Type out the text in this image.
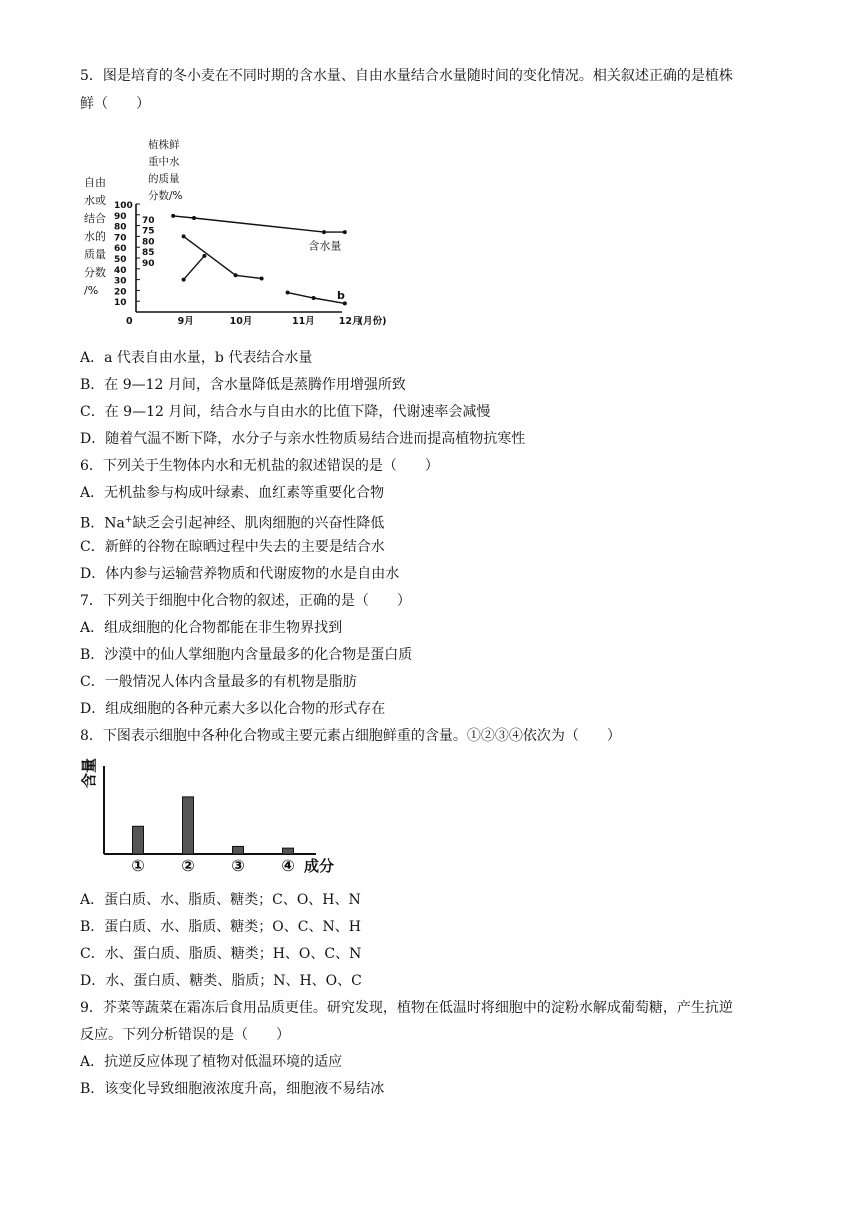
5．图是培育的冬小麦在不同时期的含水量、自由水量结合水量随时间的变化情况。相关叙述正确的是植株
鲜（　　）
自由
水或
结合
水的
质量
分数
/%
植株鲜
重中水
的质量
分数/%
10
20
30
40
50
60
70
80
90
100
70
75
80
85
90
0	9月	10月	11月	12月
(月份)
含水量
b
A．a 代表自由水量，b 代表结合水量
B．在 9—12 月间，含水量降低是蒸腾作用增强所致
C．在 9—12 月间，结合水与自由水的比值下降，代谢速率会减慢
D．随着气温不断下降，水分子与亲水性物质易结合进而提高植物抗寒性
6．下列关于生物体内水和无机盐的叙述错误的是（　　）
A．无机盐参与构成叶绿素、血红素等重要化合物
B．Na+缺乏会引起神经、肌肉细胞的兴奋性降低
C．新鲜的谷物在晾晒过程中失去的主要是结合水
D．体内参与运输营养物质和代谢废物的水是自由水
7．下列关于细胞中化合物的叙述，正确的是（　　）
A．组成细胞的化合物都能在非生物界找到
B．沙漠中的仙人掌细胞内含量最多的化合物是蛋白质
C．一般情况人体内含量最多的有机物是脂肪
D．组成细胞的各种元素大多以化合物的形式存在
8．下图表示细胞中各种化合物或主要元素占细胞鲜重的含量。①②③④依次为（　　）
含量
① ② ③ ④ 成分
A．蛋白质、水、脂质、糖类；C、O、H、N
B．蛋白质、水、脂质、糖类；O、C、N、H
C．水、蛋白质、脂质、糖类；H、O、C、N
D．水、蛋白质、糖类、脂质；N、H、O、C
9．芥菜等蔬菜在霜冻后食用品质更佳。研究发现，植物在低温时将细胞中的淀粉水解成葡萄糖，产生抗逆
反应。下列分析错误的是（　　）
A．抗逆反应体现了植物对低温环境的适应
B．该变化导致细胞液浓度升高，细胞液不易结冰
